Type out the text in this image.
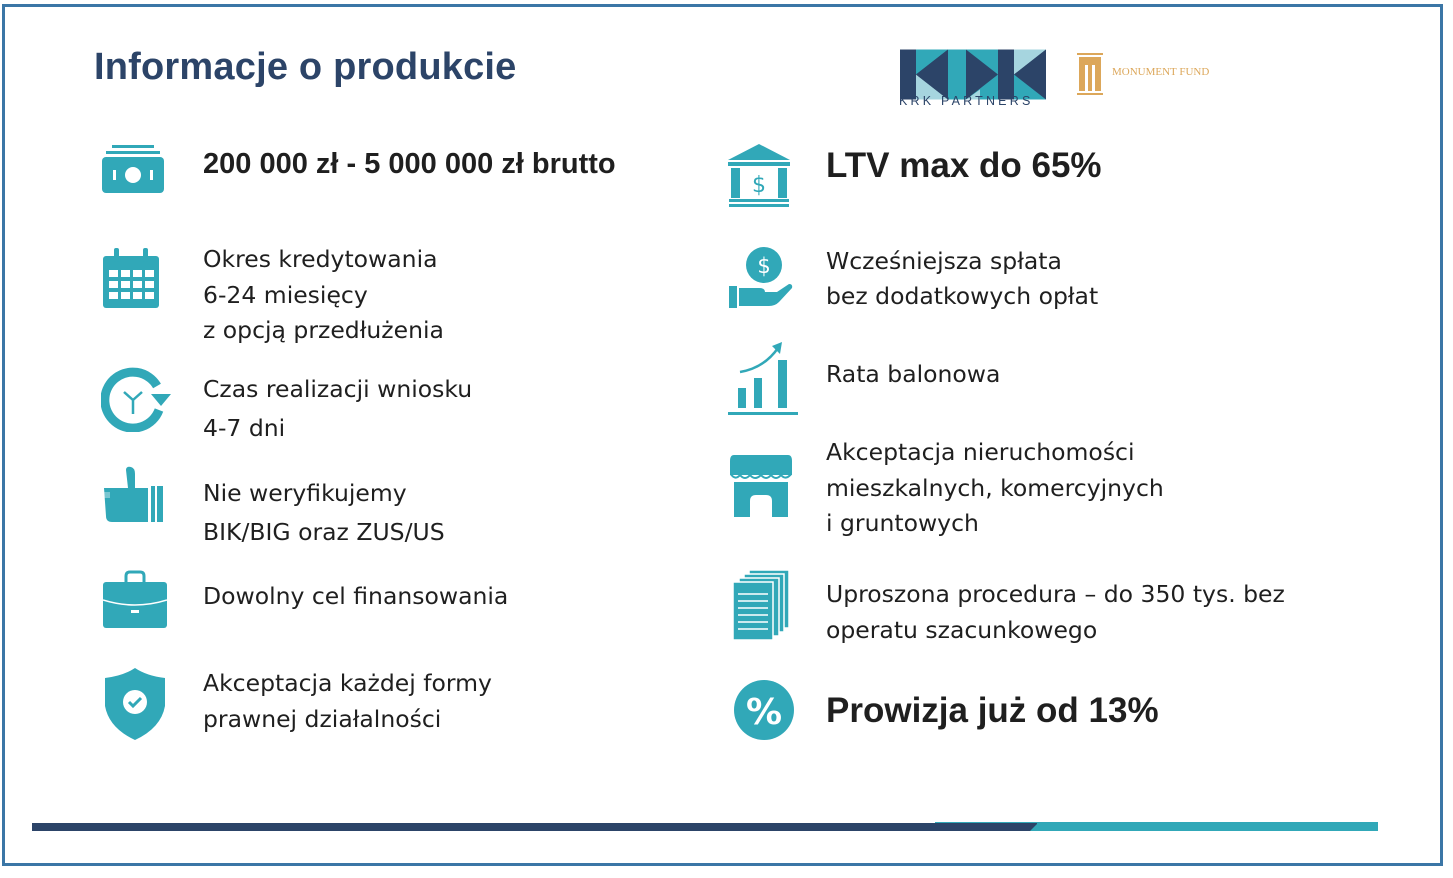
Informacje o produkcie
KRK PARTNERS
MONUMENT FUND
200 000 zł - 5 000 000 zł brutto
Okres kredytowania
6-24 miesięcy
z opcją przedłużenia
Czas realizacji wniosku
4-7 dni
Nie weryfikujemy
BIK/BIG oraz ZUS/US
Dowolny cel finansowania
Akceptacja każdej formy
prawnej działalności
$
LTV max do 65%
$ Wcześniejsza spłata
bez dodatkowych opłat
Rata balonowa
Akceptacja nieruchomości
mieszkalnych, komercyjnych
i gruntowych
Uproszona procedura – do 350 tys. bez
operatu szacunkowego
% Prowizja już od 13%
